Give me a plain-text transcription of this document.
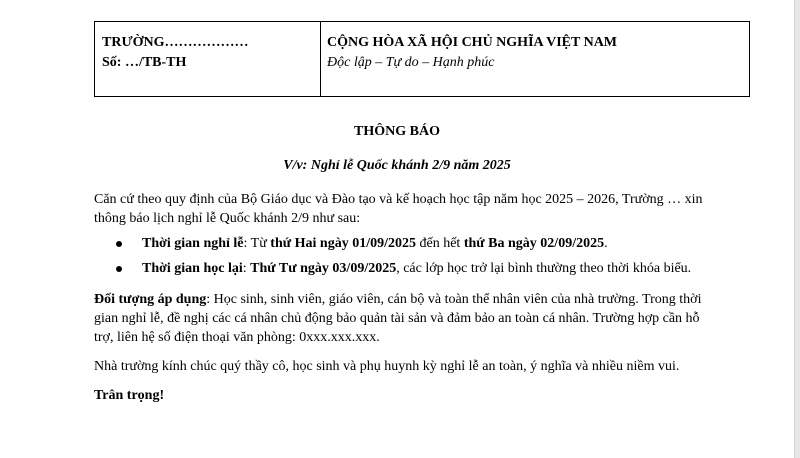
TRƯỜNG………………
Số: …/TB-TH

CỘNG HÒA XÃ HỘI CHỦ NGHĨA VIỆT NAM
Độc lập – Tự do – Hạnh phúc
THÔNG BÁO
V/v: Nghỉ lễ Quốc khánh 2/9 năm 2025

Căn cứ theo quy định của Bộ Giáo dục và Đào tạo và kế hoạch học tập năm học 2025 – 2026, Trường … xin thông báo lịch nghỉ lễ Quốc khánh 2/9 như sau:

Thời gian nghỉ lễ: Từ thứ Hai ngày 01/09/2025 đến hết thứ Ba ngày 02/09/2025.
Thời gian học lại: Thứ Tư ngày 03/09/2025, các lớp học trở lại bình thường theo thời khóa biểu.

Đối tượng áp dụng: Học sinh, sinh viên, giáo viên, cán bộ và toàn thể nhân viên của nhà trường. Trong thời gian nghỉ lễ, đề nghị các cá nhân chủ động bảo quản tài sản và đảm bảo an toàn cá nhân. Trường hợp cần hỗ trợ, liên hệ số điện thoại văn phòng: 0xxx.xxx.xxx.

Nhà trường kính chúc quý thầy cô, học sinh và phụ huynh kỳ nghỉ lễ an toàn, ý nghĩa và nhiều niềm vui.

Trân trọng!
